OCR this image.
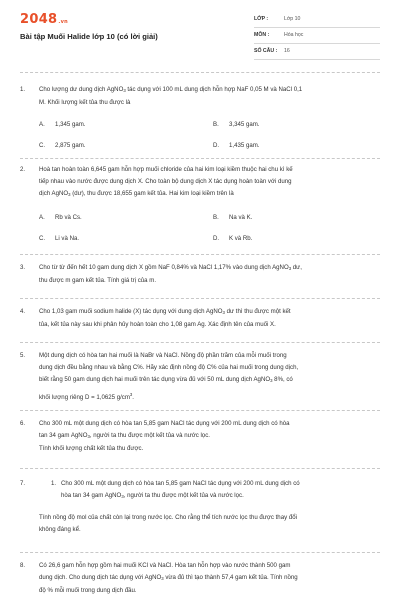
2048.vn
Bài tập Muối Halide lớp 10 (có lời giải)
LỚP :	Lớp 10
MÔN :	Hóa học
SỐ CÂU : 16
1. Cho lượng dư dung dịch AgNO$_3$ tác dụng với 100 mL dung dịch hỗn hợp NaF 0,05 M và NaCl 0,1
M. Khối lượng kết tủa thu được là
A. 1,345 gam.	B. 3,345 gam.
C. 2,875 gam.	D. 1,435 gam.
2. Hoà tan hoàn toàn 6,645 gam hỗn hợp muối chloride của hai kim loại kiềm thuộc hai chu kì kế
tiếp nhau vào nước được dung dịch X. Cho toàn bộ dung dịch X tác dụng hoàn toàn với dung
dịch AgNO$_3$ (dư), thu được 18,655 gam kết tủa. Hai kim loại kiềm trên là
A. Rb và Cs.	B. Na và K.
C. Li và Na.	D. K và Rb.
3. Cho từ từ đến hết 10 gam dung dịch X gồm NaF 0,84% và NaCl 1,17% vào dung dịch AgNO$_3$ dư,
thu được m gam kết tủa. Tính giá trị của m.
4. Cho 1,03 gam muối sodium halide (X) tác dụng với dung dịch AgNO$_3$ dư thì thu được một kết
tủa, kết tủa này sau khi phân hủy hoàn toàn cho 1,08 gam Ag. Xác định tên của muối X.
5. Một dung dịch có hòa tan hai muối là NaBr và NaCl. Nồng độ phần trăm của mỗi muối trong
dung dịch đều bằng nhau và bằng C%. Hãy xác định nồng độ C% của hai muối trong dung dịch,
biết rằng 50 gam dung dịch hai muối trên tác dụng vừa đủ với 50 mL dung dịch AgNO$_3$ 8%, có
khối lượng riêng D = 1,0625 $g/cm^3$.
6. Cho 300 mL một dung dịch có hòa tan 5,85 gam NaCl tác dụng với 200 mL dung dịch có hòa
tan 34 gam AgNO$_3$, người ta thu được một kết tủa và nước lọc.
Tính khối lượng chất kết tủa thu được.
7.	1. Cho 300 mL một dung dịch có hòa tan 5,85 gam NaCl tác dụng với 200 mL dung dịch có
hòa tan 34 gam AgNO$_3$, người ta thu được một kết tủa và nước lọc.
Tính nồng độ mol của chất còn lại trong nước lọc. Cho rằng thể tích nước lọc thu được thay đổi
không đáng kể.
8. Có 26,6 gam hỗn hợp gồm hai muối KCl và NaCl. Hòa tan hỗn hợp vào nước thành 500 gam
dung dịch. Cho dung dịch tác dụng với AgNO$_3$ vừa đủ thì tạo thành 57,4 gam kết tủa. Tính nồng
độ % mỗi muối trong dung dịch đầu.
